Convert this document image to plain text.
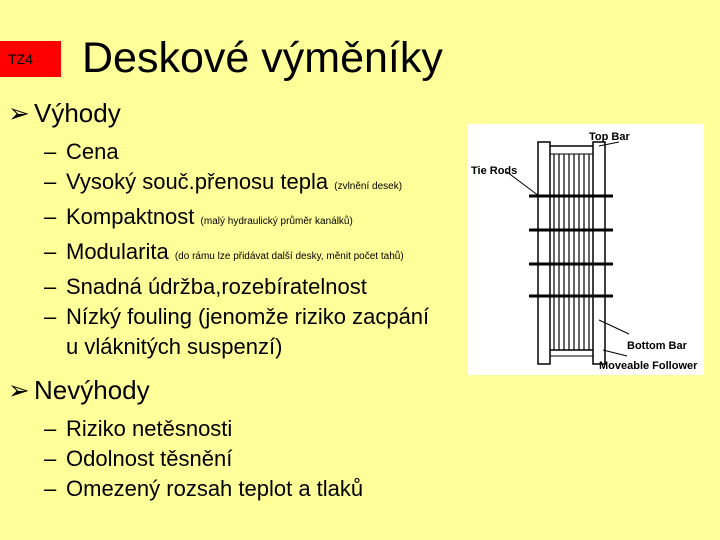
TZ4	Deskové výměníky
➢ Výhody
– Cena
– Vysoký souč.přenosu tepla (zvlnění desek)
– Kompaktnost (malý hydraulický průměr kanálků)
– Modularita (do rámu lze přidávat další desky, měnit počet tahů)
– Snadná údržba,rozebíratelnost
– Nízký fouling (jenomže riziko zacpání
u vláknitých suspenzí)
➢ Nevýhody
– Riziko netěsnosti
– Odolnost těsnění
– Omezený rozsah teplot a tlaků
Top Bar
Tie Rods
Bottom Bar
Moveable Follower
